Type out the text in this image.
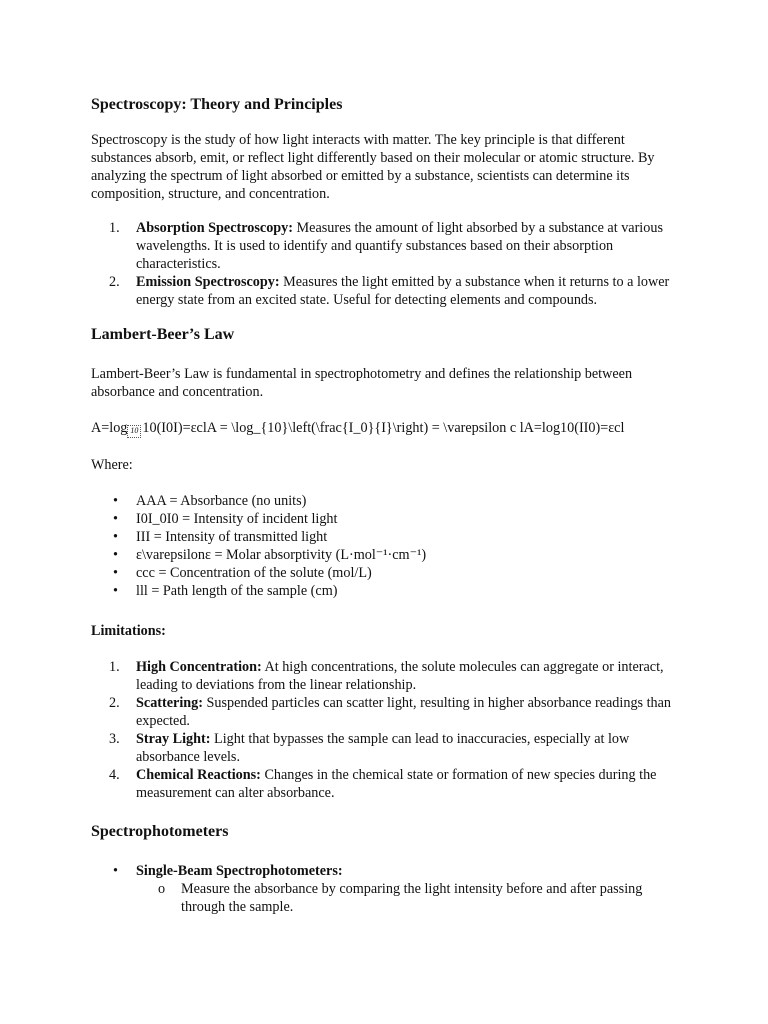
Spectroscopy: Theory and Principles

Spectroscopy is the study of how light interacts with matter. The key principle is that different substances absorb, emit, or reflect light differently based on their molecular or atomic structure. By analyzing the spectrum of light absorbed or emitted by a substance, scientists can determine its composition, structure, and concentration.

1. Absorption Spectroscopy: Measures the amount of light absorbed by a substance at various wavelengths. It is used to identify and quantify substances based on their absorption characteristics.
2. Emission Spectroscopy: Measures the light emitted by a substance when it returns to a lower energy state from an excited state. Useful for detecting elements and compounds.
Lambert-Beer’s Law

Lambert-Beer’s Law is fundamental in spectrophotometry and defines the relationship between absorbance and concentration.

A=log 10 10(I0I)=εclA = \log_{10}\left(\frac{I_0}{I}\right) = \varepsilon c lA=log10(II0)=εcl

Where:

• AAA = Absorbance (no units)
• I0I_0I0 = Intensity of incident light
• III = Intensity of transmitted light
• ε\varepsilonε = Molar absorptivity (L·mol⁻¹·cm⁻¹)
• ccc = Concentration of the solute (mol/L)
• lll = Path length of the sample (cm)

Limitations:

1. High Concentration: At high concentrations, the solute molecules can aggregate or interact, leading to deviations from the linear relationship.
2. Scattering: Suspended particles can scatter light, resulting in higher absorbance readings than expected.
3. Stray Light: Light that bypasses the sample can lead to inaccuracies, especially at low absorbance levels.
4. Chemical Reactions: Changes in the chemical state or formation of new species during the measurement can alter absorbance.
Spectrophotometers
• Single-Beam Spectrophotometers:
o Measure the absorbance by comparing the light intensity before and after passing through the sample.
